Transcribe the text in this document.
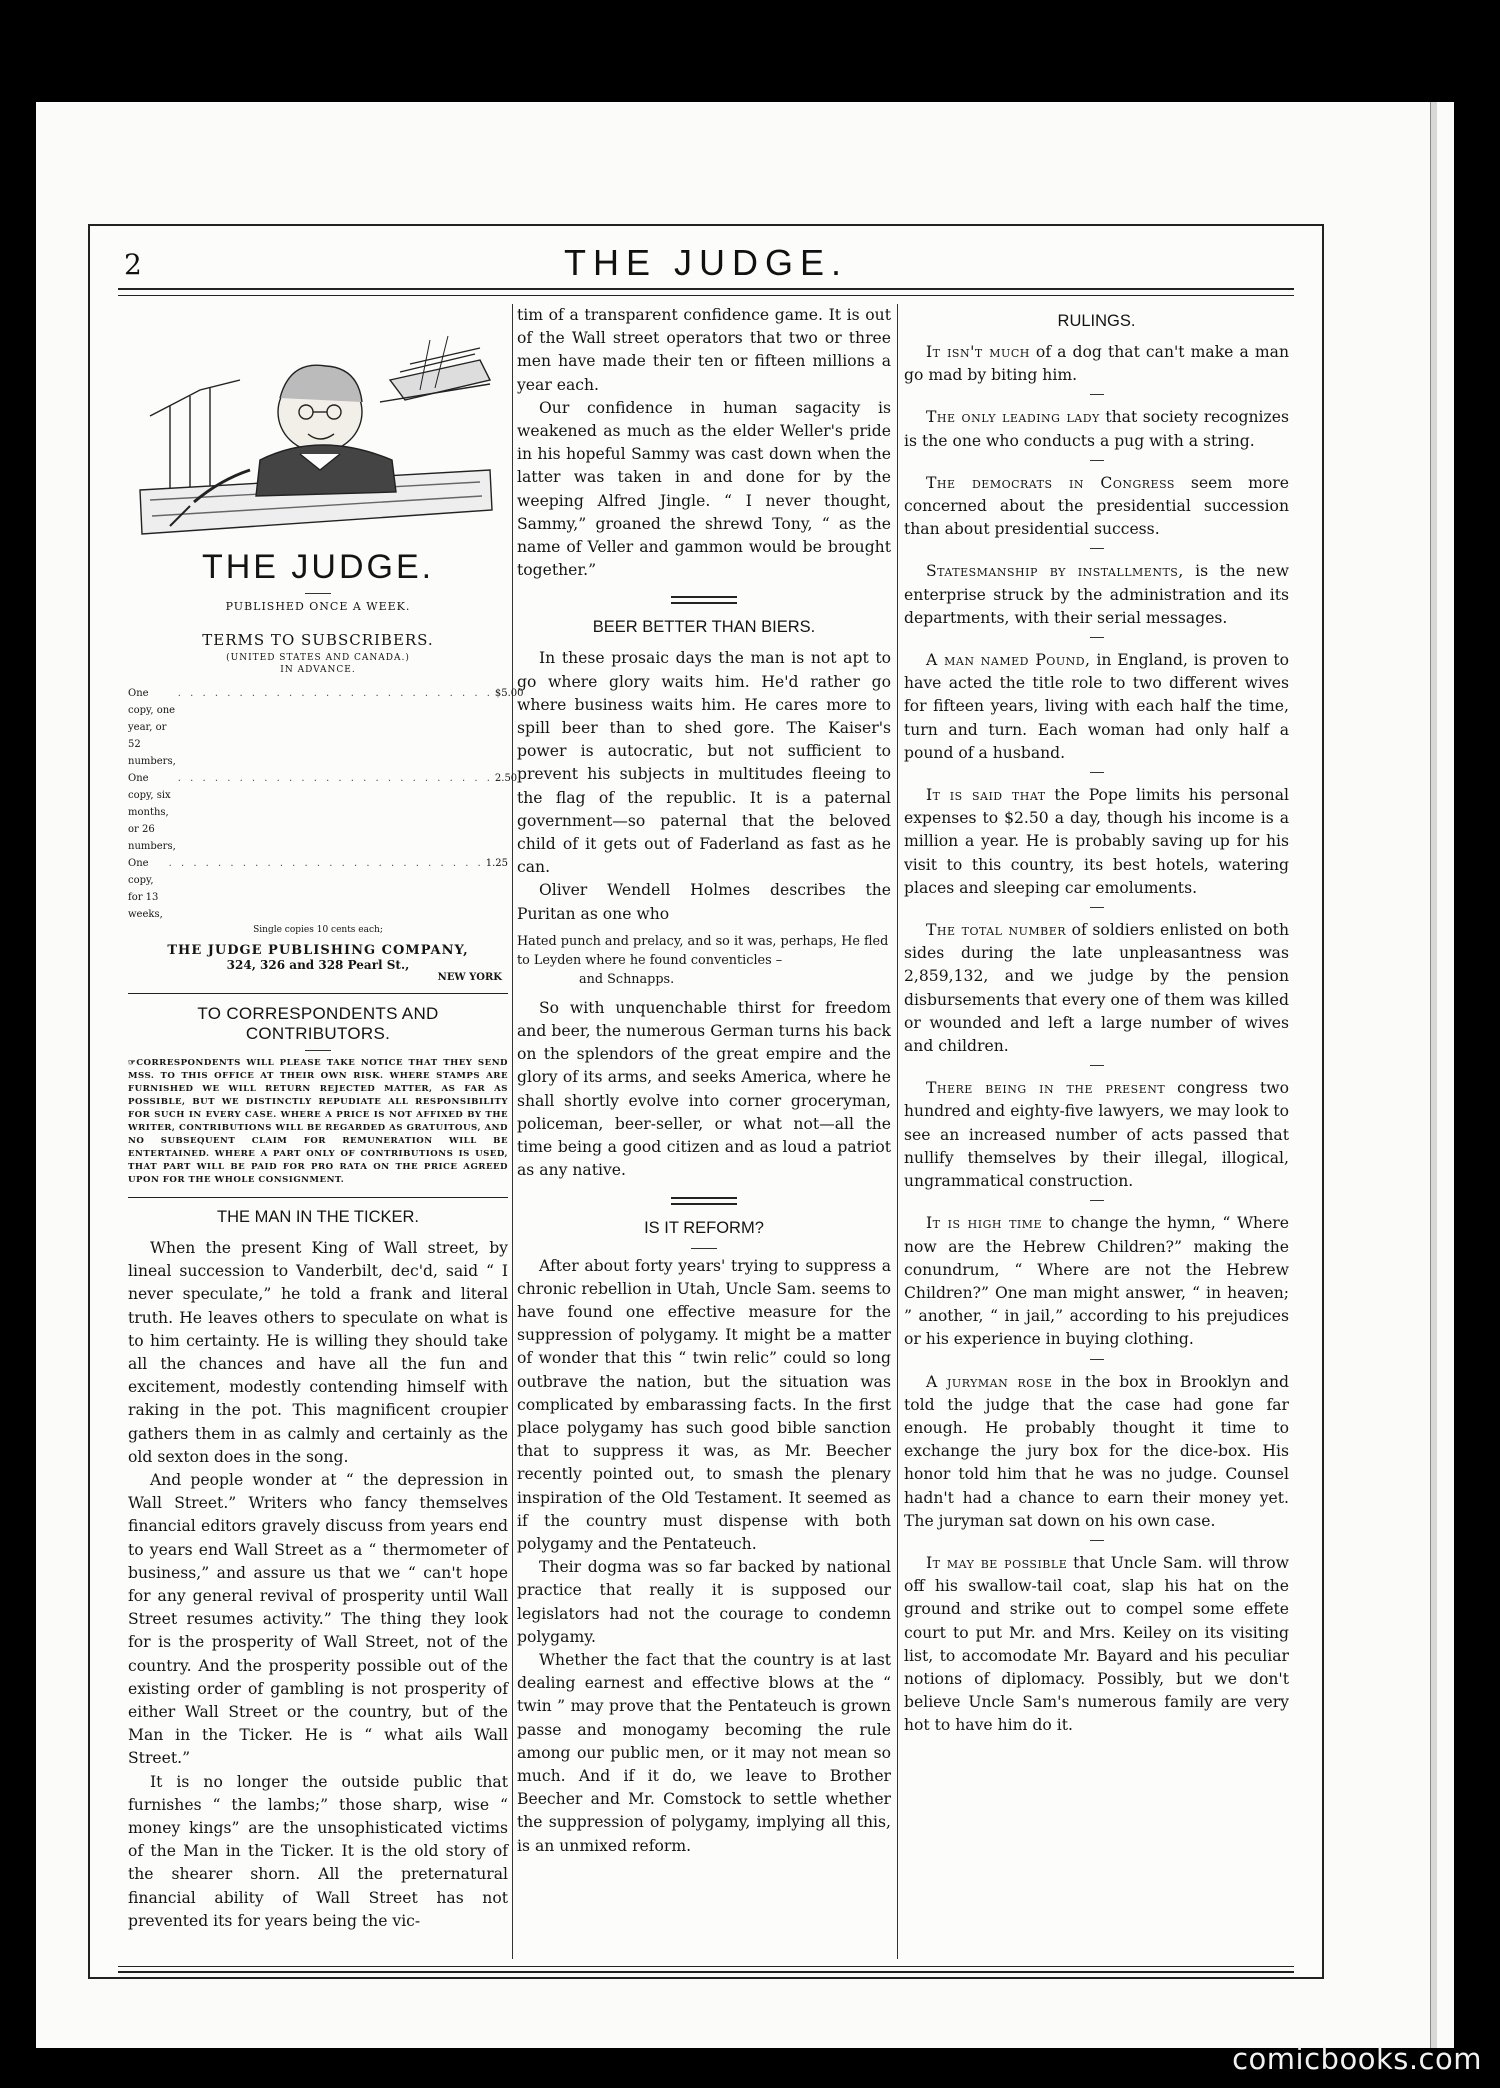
2	THE JUDGE.
THE JUDGE.
PUBLISHED ONCE A WEEK.
TERMS TO SUBSCRIBERS.
(UNITED STATES AND CANADA.)
IN ADVANCE.
One copy, one year, or 52 numbers,
. . . . . . . . . . . . . . . . . . . . . . . . . . $5.00
One copy, six months, or 26 numbers,
. . . . . . . . . . . . . . . . . . . . . . . . . . 2.50
One copy, for 13 weeks,
. . . . . . . . . . . . . . . . . . . . . . . . . . 1.25
Single copies 10 cents each;
THE JUDGE PUBLISHING COMPANY,
324, 326 and 328 Pearl St.,
NEW YORK
TO CORRESPONDENTS AND CONTRIBUTORS.
☞CORRESPONDENTS WILL PLEASE TAKE NOTICE THAT THEY SEND MSS. TO THIS OFFICE AT THEIR OWN RISK. WHERE STAMPS ARE FURNISHED WE WILL RETURN REJECTED MATTER, AS FAR AS POSSIBLE, BUT WE DISTINCTLY REPUDIATE ALL RESPONSIBILITY FOR SUCH IN EVERY CASE. WHERE A PRICE IS NOT AFFIXED BY THE WRITER, CONTRIBUTIONS WILL BE REGARDED AS GRATUITOUS, AND NO SUBSEQUENT CLAIM FOR REMUNERATION WILL BE ENTERTAINED. WHERE A PART ONLY OF CONTRIBUTIONS IS USED, THAT PART WILL BE PAID FOR PRO RATA ON THE PRICE AGREED UPON FOR THE WHOLE CONSIGNMENT.
THE MAN IN THE TICKER.

When the present King of Wall street, by lineal succession to Vanderbilt, dec'd, said “ I never speculate,” he told a frank and literal truth. He leaves others to speculate on what is to him certainty. He is willing they should take all the chances and have all the fun and excitement, modestly contending himself with raking in the pot. This magnificent croupier gathers them in as calmly and certainly as the old sexton does in the song.

And people wonder at “ the depression in Wall Street.” Writers who fancy themselves financial editors gravely discuss from years end to years end Wall Street as a “ thermometer of business,” and assure us that we “ can't hope for any general revival of prosperity until Wall Street resumes activity.” The thing they look for is the prosperity of Wall Street, not of the country. And the prosperity possible out of the existing order of gambling is not prosperity of either Wall Street or the country, but of the Man in the Ticker. He is “ what ails Wall Street.”

It is no longer the outside public that furnishes “ the lambs;” those sharp, wise “ money kings” are the unsophisticated victims of the Man in the Ticker. It is the old story of the shearer shorn. All the preternatural financial ability of Wall Street has not prevented its for years being the vic-

tim of a transparent confidence game. It is out of the Wall street operators that two or three men have made their ten or fifteen millions a year each.

Our confidence in human sagacity is weakened as much as the elder Weller's pride in his hopeful Sammy was cast down when the latter was taken in and done for by the weeping Alfred Jingle. “ I never thought, Sammy,” groaned the shrewd Tony, “ as the name of Veller and gammon would be brought together.”

BEER BETTER THAN BIERS.

In these prosaic days the man is not apt to go where glory waits him. He'd rather go where business waits him. He cares more to spill beer than to shed gore. The Kaiser's power is autocratic, but not sufficient to prevent his subjects in multitudes fleeing to the flag of the republic. It is a paternal government—so paternal that the beloved child of it gets out of Faderland as fast as he can.

Oliver Wendell Holmes describes the Puritan as one who

Hated punch and prelacy, and so it was, perhaps, He fled to Leyden where he found conventicles –
and Schnapps.

So with unquenchable thirst for freedom and beer, the numerous German turns his back on the splendors of the great empire and the glory of its arms, and seeks America, where he shall shortly evolve into corner groceryman, policeman, beer-seller, or what not—all the time being a good citizen and as loud a patriot as any native.

IS IT REFORM?

After about forty years' trying to suppress a chronic rebellion in Utah, Uncle Sam. seems to have found one effective measure for the suppression of polygamy. It might be a matter of wonder that this “ twin relic” could so long outbrave the nation, but the situation was complicated by embarassing facts. In the first place polygamy has such good bible sanction that to suppress it was, as Mr. Beecher recently pointed out, to smash the plenary inspiration of the Old Testament. It seemed as if the country must dispense with both polygamy and the Pentateuch.

Their dogma was so far backed by national practice that really it is supposed our legislators had not the courage to condemn polygamy.

Whether the fact that the country is at last dealing earnest and effective blows at the “ twin ” may prove that the Pentateuch is grown passe and monogamy becoming the rule among our public men, or it may not mean so much. And if it do, we leave to Brother Beecher and Mr. Comstock to settle whether the suppression of polygamy, implying all this, is an unmixed reform.

RULINGS.

It isn't much of a dog that can't make a man go mad by biting him.

The only leading lady that society recognizes is the one who conducts a pug with a string.

The democrats in Congress seem more concerned about the presidential succession than about presidential success.

Statesmanship by installments, is the new enterprise struck by the administration and its departments, with their serial messages.

A man named Pound, in England, is proven to have acted the title role to two different wives for fifteen years, living with each half the time, turn and turn. Each woman had only half a pound of a husband.

It is said that the Pope limits his personal expenses to $2.50 a day, though his income is a million a year. He is probably saving up for his visit to this country, its best hotels, watering places and sleeping car emoluments.

The total number of soldiers enlisted on both sides during the late unpleasantness was 2,859,132, and we judge by the pension disbursements that every one of them was killed or wounded and left a large number of wives and children.

There being in the present congress two hundred and eighty-five lawyers, we may look to see an increased number of acts passed that nullify themselves by their illegal, illogical, ungrammatical construction.

It is high time to change the hymn, “ Where now are the Hebrew Children?” making the conundrum, “ Where are not the Hebrew Children?” One man might answer, “ in heaven; ” another, “ in jail,” according to his prejudices or his experience in buying clothing.

A juryman rose in the box in Brooklyn and told the judge that the case had gone far enough. He probably thought it time to exchange the jury box for the dice-box. His honor told him that he was no judge. Counsel hadn't had a chance to earn their money yet. The juryman sat down on his own case.

It may be possible that Uncle Sam. will throw off his swallow-tail coat, slap his hat on the ground and strike out to compel some effete court to put Mr. and Mrs. Keiley on its visiting list, to accomodate Mr. Bayard and his peculiar notions of diplomacy. Possibly, but we don't believe Uncle Sam's numerous family are very hot to have him do it.

comicbooks.com
